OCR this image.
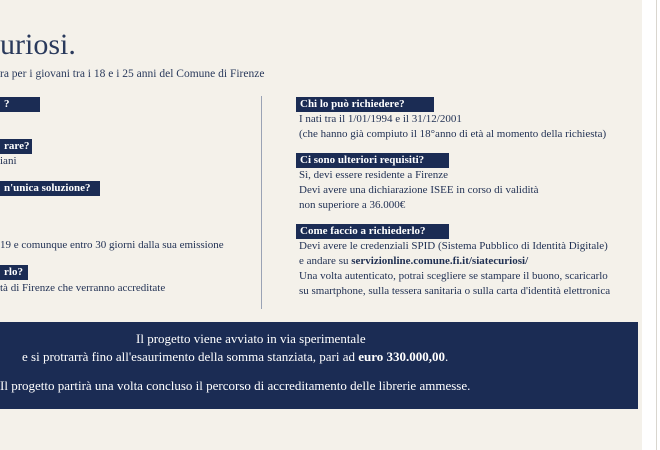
uriosi.
ra per i giovani tra i 18 e i 25 anni del Comune di Firenze
?
rare?
iani
n'unica soluzione?
19 e comunque entro 30 giorni dalla sua emissione
rlo?
tà di Firenze che verranno accreditate
Chi lo può richiedere?
I nati tra il 1/01/1994 e il 31/12/2001
(che hanno già compiuto il 18°anno di età al momento della richiesta)
Ci sono ulteriori requisiti?
Sì, devi essere residente a Firenze
Devi avere una dichiarazione ISEE in corso di validità
non superiore a 36.000€
Come faccio a richiederlo?
Devi avere le credenziali SPID (Sistema Pubblico di Identità Digitale)
e andare su servizionline.comune.fi.it/siatecuriosi/
Una volta autenticato, potrai scegliere se stampare il buono, scaricarlo
su smartphone, sulla tessera sanitaria o sulla carta d'identità elettronica
Il progetto viene avviato in via sperimentale
e si protrarrà fino all'esaurimento della somma stanziata, pari ad euro 330.000,00.
Il progetto partirà una volta concluso il percorso di accreditamento delle librerie ammesse.
